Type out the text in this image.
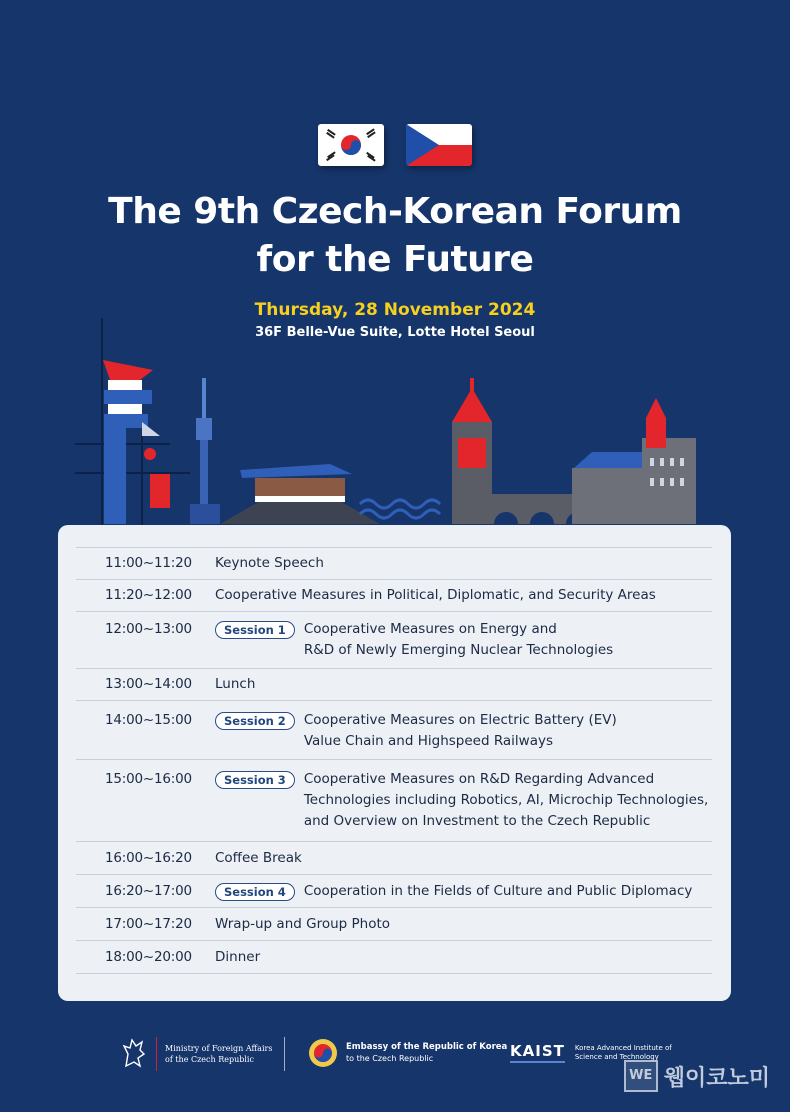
The 9th Czech-Korean Forum
for the Future
Thursday, 28 November 2024
36F Belle-Vue Suite, Lotte Hotel Seoul
11:00~11:20	Keynote Speech
11:20~12:00	Cooperative Measures in Political, Diplomatic, and Security Areas
12:00~13:00	Session 1	Cooperative Measures on Energy and
R&D of Newly Emerging Nuclear Technologies
13:00~14:00	Lunch
14:00~15:00	Session 2	Cooperative Measures on Electric Battery (EV)
Value Chain and Highspeed Railways
15:00~16:00	Session 3	Cooperative Measures on R&D Regarding Advanced
Technologies including Robotics, AI, Microchip Technologies,
and Overview on Investment to the Czech Republic
16:00~16:20	Coffee Break
16:20~17:00	Session 4	Cooperation in the Fields of Culture and Public Diplomacy
17:00~17:20	Wrap-up and Group Photo
18:00~20:00	Dinner
Ministry of Foreign Affairs
of the Czech Republic
Embassy of the Republic of Korea
to the Czech Republic	KAIST Korea Advanced Institute of
Science and Technology
WE 웹이코노미
